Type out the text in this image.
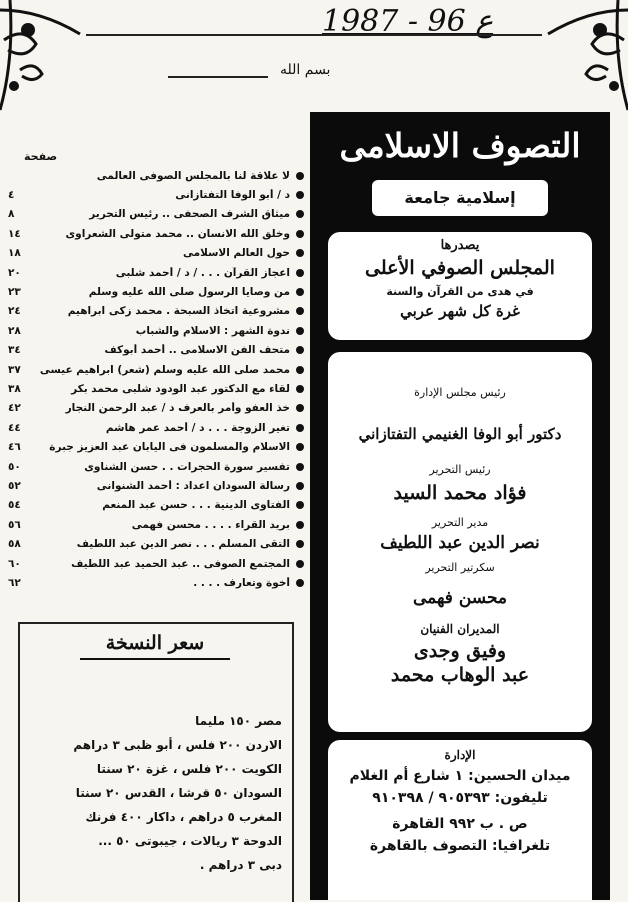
1987 - 96 ع
بسم الله
صفحة
لا علاقة لنا بالمجلس الصوفى العالمى
د / أبو الوفا التفتازانى
٤
ميثاق الشرف الصحفى .. رئيس التحرير
٨
وخلق الله الانسان .. محمد متولى الشعراوى
١٤
حول العالم الاسلامى
١٨
اعجاز القرآن . . . / د / أحمد شلبى
٢٠
من وصايا الرسول صلى الله عليه وسلم
٢٣
مشروعية اتخاذ السبحة . محمد زكى ابراهيم
٢٤
ندوة الشهر : الاسلام والشباب
٢٨
متحف الفن الاسلامى .. أحمد أبوكف
٣٤
محمد صلى الله عليه وسلم (شعر) ابراهيم عيسى
٣٧
لقاء مع الدكتور عبد الودود شلبى محمد بكر
٣٨
خذ العفو وأمر بالعرف د / عبد الرحمن النجار
٤٢
تغير الزوجة . . . د / أحمد عمر هاشم
٤٤
الاسلام والمسلمون فى اليابان عبد العزيز جبرة
٤٦
تفسير سورة الحجرات . . حسن الشناوى
٥٠
رسالة السودان اعداد : أحمد الشنوانى
٥٢
الفتاوى الدينية . . . حسن عبد المنعم
٥٤
بريد القراء . . . . محسن فهمى
٥٦
التقى المسلم . . . نصر الدين عبد اللطيف
٥٨
المجتمع الصوفى .. عبد الحميد عبد اللطيف
٦٠
أخوة وتعارف . . . .
٦٢
سعر النسخة
مصر ١٥٠ مليما
الاردن ٢٠٠ فلس ، أبو ظبى ٣ دراهم
الكويت ٢٠٠ فلس ، غزة ٢٠ سنتا
السودان ٥٠ قرشا ، القدس ٢٠ سنتا
المغرب ٥ دراهم ، داكار ٤٠٠ فرنك
الدوحة ٣ ريالات ، جيبوتى ٥٠ ...
دبى ٣ دراهم .
التصوف الاسلامى
إسلامية جامعة
يصدرها
المجلس الصوفي الأعلى
في هدى من القرآن والسنة
غرة كل شهر عربي
رئيس مجلس الإدارة
دكتور أبو الوفا الغنيمي التفتازاني
رئيس التحرير
فؤاد محمد السيد
مدير التحرير
نصر الدين عبد اللطيف
سكرتير التحرير
محسن فهمى
المديران الفنيان
وفيق وجدى
عبد الوهاب محمد
الإدارة
ميدان الحسين: ١ شارع أم الغلام
تليفون: ٩٠٥٣٩٣ / ٩١٠٣٩٨
ص . ب ٩٩٢ القاهرة
تلغرافيا: التصوف بالقاهرة
